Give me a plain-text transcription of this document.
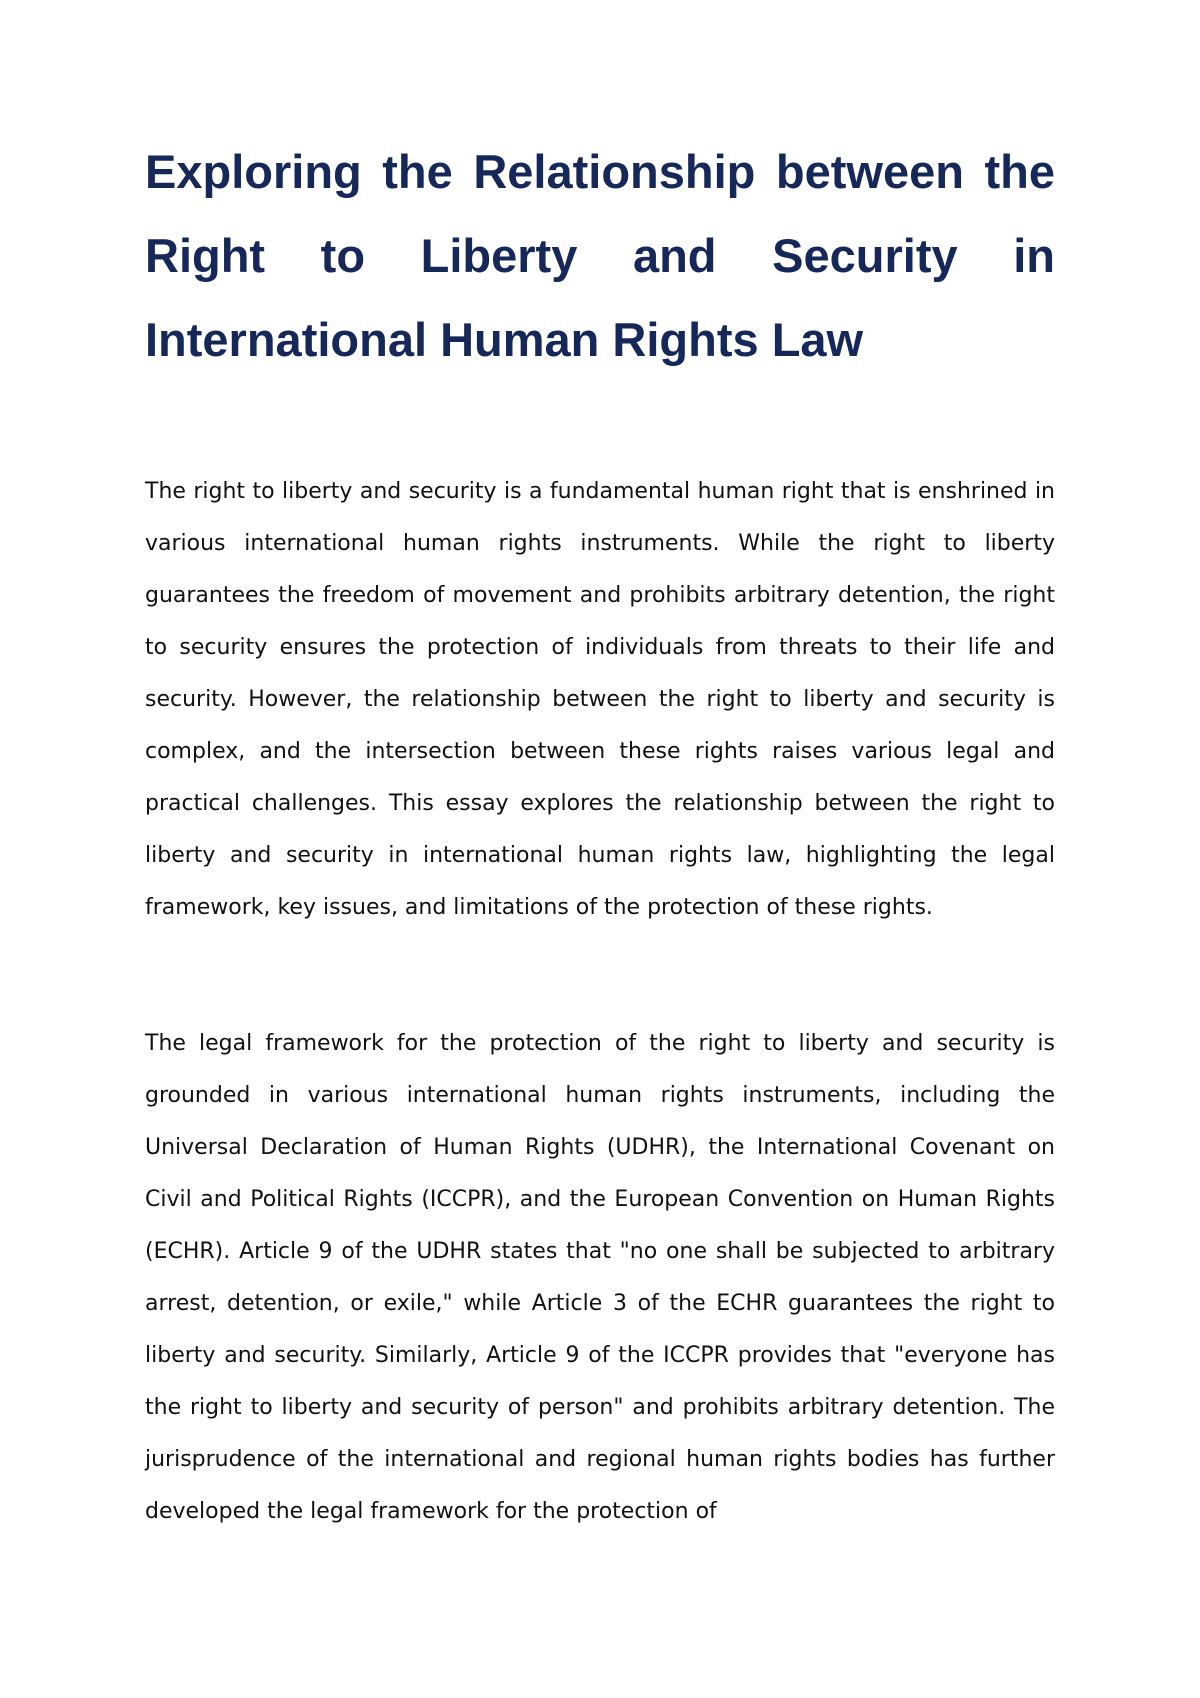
Exploring the Relationship between the Right to Liberty and Security in International Human Rights Law

The right to liberty and security is a fundamental human right that is enshrined in various international human rights instruments. While the right to liberty guarantees the freedom of movement and prohibits arbitrary detention, the right to security ensures the protection of individuals from threats to their life and security. However, the relationship between the right to liberty and security is complex, and the intersection between these rights raises various legal and practical challenges. This essay explores the relationship between the right to liberty and security in international human rights law, highlighting the legal framework, key issues, and limitations of the protection of these rights.

The legal framework for the protection of the right to liberty and security is grounded in various international human rights instruments, including the Universal Declaration of Human Rights (UDHR), the International Covenant on Civil and Political Rights (ICCPR), and the European Convention on Human Rights (ECHR). Article 9 of the UDHR states that "no one shall be subjected to arbitrary arrest, detention, or exile," while Article 3 of the ECHR guarantees the right to liberty and security. Similarly, Article 9 of the ICCPR provides that "everyone has the right to liberty and security of person" and prohibits arbitrary detention. The jurisprudence of the international and regional human rights bodies has further developed the legal framework for the protection of
